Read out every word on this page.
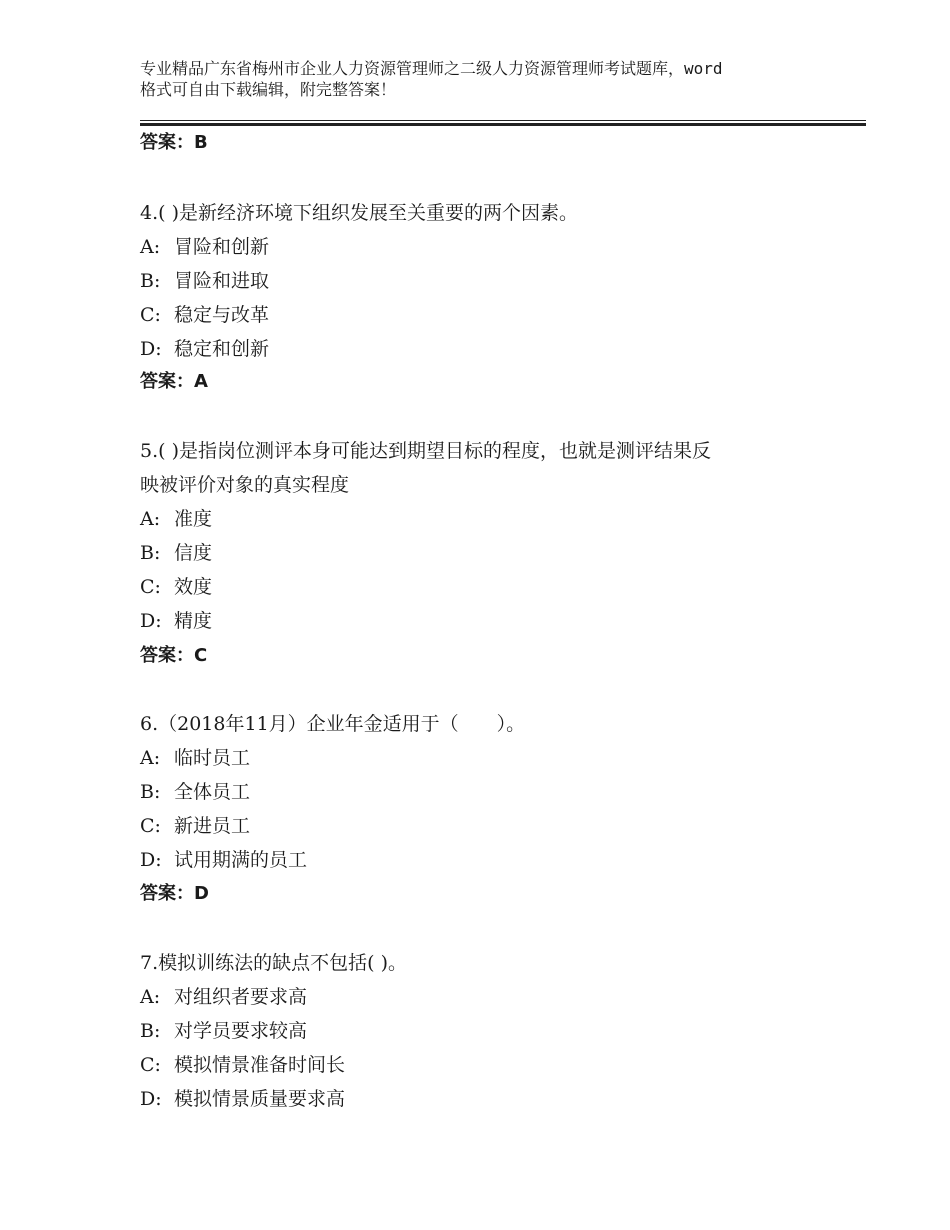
专业精品广东省梅州市企业人力资源管理师之二级人力资源管理师考试题库，word
格式可自由下载编辑，附完整答案！
答案：B
4.( )是新经济环境下组织发展至关重要的两个因素。
A: 冒险和创新
B: 冒险和进取
C: 稳定与改革
D: 稳定和创新
答案：A
5.( )是指岗位测评本身可能达到期望目标的程度，也就是测评结果反
映被评价对象的真实程度
A: 准度
B: 信度
C: 效度
D: 精度
答案：C
6.（2018年11月）企业年金适用于（　　）。
A: 临时员工
B: 全体员工
C: 新进员工
D: 试用期满的员工
答案：D
7.模拟训练法的缺点不包括( )。
A: 对组织者要求高
B: 对学员要求较高
C: 模拟情景准备时间长
D: 模拟情景质量要求高
